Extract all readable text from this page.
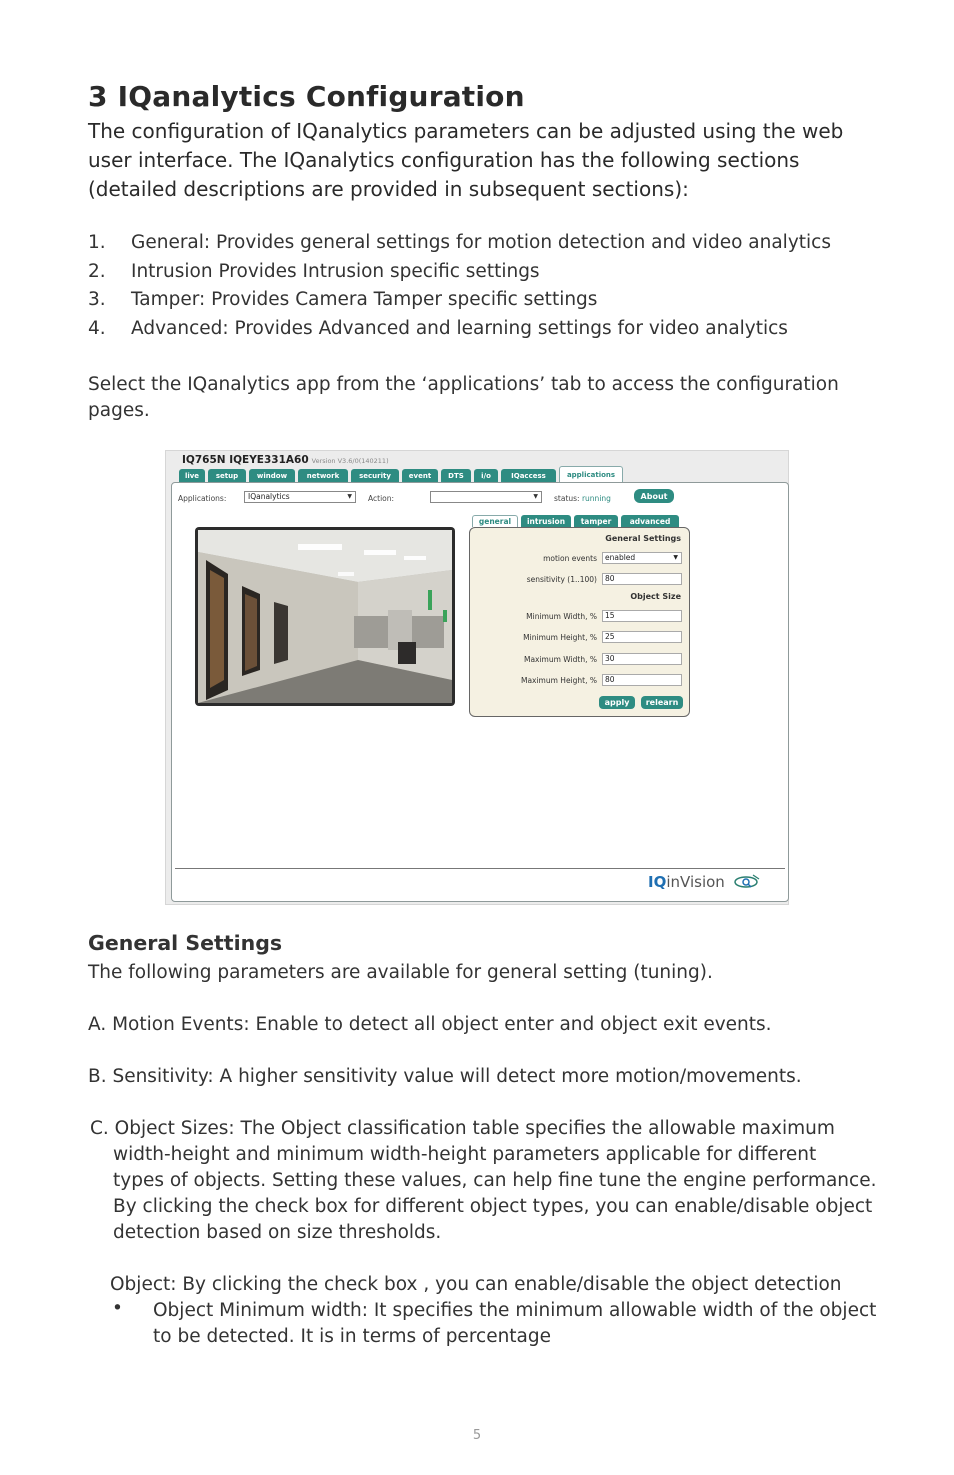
3 IQanalytics Configuration
The configuration of IQanalytics parameters can be adjusted using the web user interface. The IQanalytics configuration has the following sections (detailed descriptions are provided in subsequent sections):
1.	General: Provides general settings for motion detection and video analytics
2.	Intrusion Provides Intrusion specific settings
3.	Tamper: Provides Camera Tamper specific settings
4.	Advanced: Provides Advanced and learning settings for video analytics
Select the IQanalytics app from the ‘applications’ tab to access the configuration
pages.
IQ765N IQEYE331A60 Version V3.6/0(140211)
live	setup	window	network	security	event	DTS	i/o	IQaccess	applications
Applications:	IQanalytics	▼ Action:	▼ status: running	About
general	intrusion	tamper	advanced
General Settings
motion events	enabled	▼
sensitivity (1..100)	80
Object Size
Minimum Width, %	15
Minimum Height, %	25
Maximum Width, %	30
Maximum Height, %	80
apply	relearn
IQinVision
General Settings
The following parameters are available for general setting (tuning).
A. Motion Events: Enable to detect all object enter and object exit events.
B. Sensitivity: A higher sensitivity value will detect more motion/movements.
C. Object Sizes: The Object classification table specifies the allowable maximum
width-height and minimum width-height parameters applicable for different
types of objects. Setting these values, can help fine tune the engine performance.
By clicking the check box for different object types, you can enable/disable object
detection based on size thresholds.
Object: By clicking the check box , you can enable/disable the object detection
• Object Minimum width: It specifies the minimum allowable width of the object
to be detected. It is in terms of percentage
5
